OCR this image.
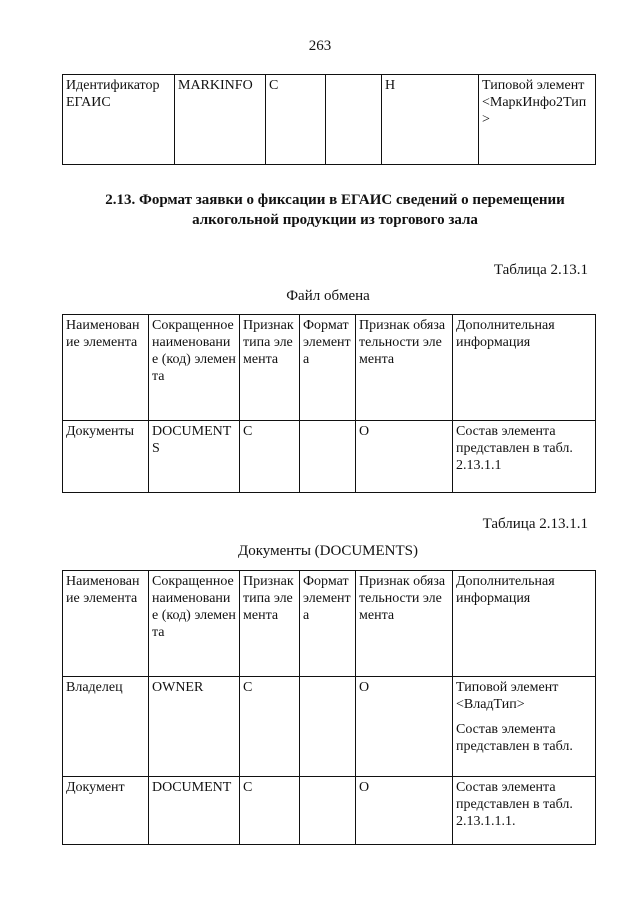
263
Идентификатор ЕГАИС	MARKINFO	С		Н	Типовой элемент <МаркИнфо2Тип>
2.13. Формат заявки о фиксации в ЕГАИС сведений о перемещении алкогольной продукции из торгового зала
Таблица 2.13.1
Файл обмена
Наименование элемента	Сокращенное наименование (код) элемента	Признак типа элемента	Формат элемента	Признак обязательности элемента	Дополнительная информация
Документы	DOCUMENTS	С		О	Состав элемента представлен в табл. 2.13.1.1
Таблица 2.13.1.1
Документы (DOCUMENTS)
Наименование элемента	Сокращенное наименование (код) элемента	Признак типа элемента	Формат элемента	Признак обязательности элемента	Дополнительная информация
Владелец	OWNER	С		О	Типовой элемент <ВладТип>

Состав элемента представлен в табл.

Документ	DOCUMENT	С		О	Состав элемента представлен в табл. 2.13.1.1.1.
